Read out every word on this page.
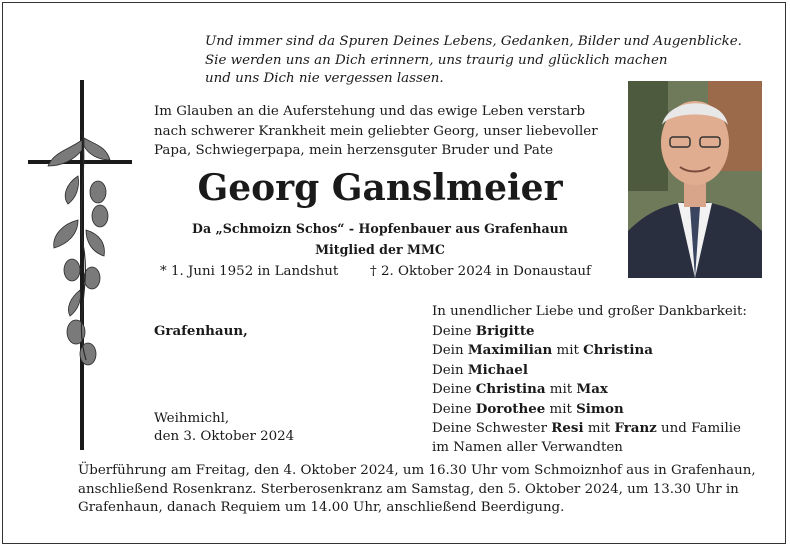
Und immer sind da Spuren Deines Lebens, Gedanken, Bilder und Augenblicke.
Sie werden uns an Dich erinnern, uns traurig und glücklich machen
und uns Dich nie vergessen lassen.
Im Glauben an die Auferstehung und das ewige Leben verstarb
nach schwerer Krankheit mein geliebter Georg, unser liebevoller
Papa, Schwiegerpapa, mein herzensguter Bruder und Pate
Georg Ganslmeier
Da „Schmoizn Schos“ - Hopfenbauer aus Grafenhaun
Mitglied der MMC
* 1. Juni 1952 in Landshut † 2. Oktober 2024 in Donaustauf
Grafenhaun,
Weihmichl,
den 3. Oktober 2024
In unendlicher Liebe und großer Dankbarkeit:
Deine Brigitte
Dein Maximilian mit Christina
Dein Michael
Deine Christina mit Max
Deine Dorothee mit Simon
Deine Schwester Resi mit Franz und Familie
im Namen aller Verwandten
Überführung am Freitag, den 4. Oktober 2024, um 16.30 Uhr vom Schmoiznhof aus in Grafenhaun,
anschließend Rosenkranz. Sterberosenkranz am Samstag, den 5. Oktober 2024, um 13.30 Uhr in
Grafenhaun, danach Requiem um 14.00 Uhr, anschließend Beerdigung.
